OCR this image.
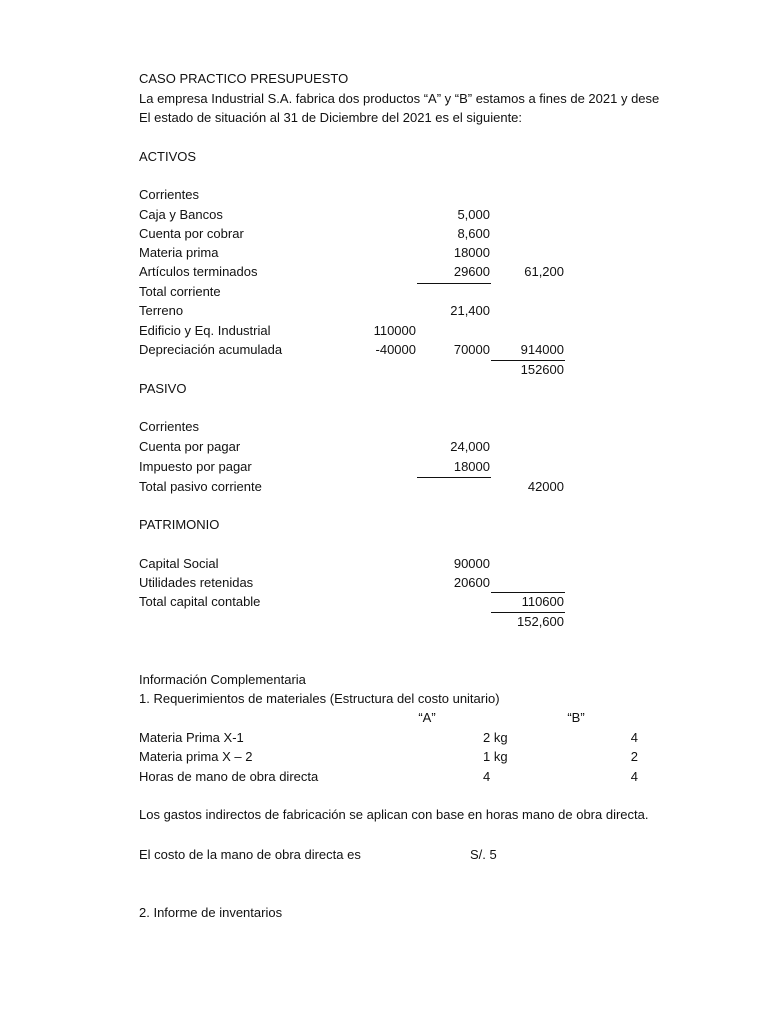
CASO PRACTICO PRESUPUESTO
La empresa Industrial S.A. fabrica dos productos “A” y “B” estamos a fines de 2021 y dese
El estado de situación al 31 de Diciembre del 2021 es el siguiente:
ACTIVOS
Corrientes
Caja y Bancos	5,000
Cuenta por cobrar	8,600
Materia prima	18000
Artículos terminados	29600	61,200
Total corriente
Terreno	21,400
Edificio y Eq. Industrial	110000
Depreciación acumulada	-40000	70000 914000
152600
PASIVO
Corrientes
Cuenta por pagar	24,000
Impuesto por pagar	18000
Total pasivo corriente	42000
PATRIMONIO
Capital Social	90000
Utilidades retenidas	20600
Total capital contable	110600
152,600
Información Complementaria
1. Requerimientos de materiales (Estructura del costo unitario)
“A”	“B”
Materia Prima X-1	2 kg	4
Materia prima X – 2	1 kg	2
Horas de mano de obra directa	4	4
Los gastos indirectos de fabricación se aplican con base en horas mano de obra directa.
El costo de la mano de obra directa es	S/. 5
2. Informe de inventarios
